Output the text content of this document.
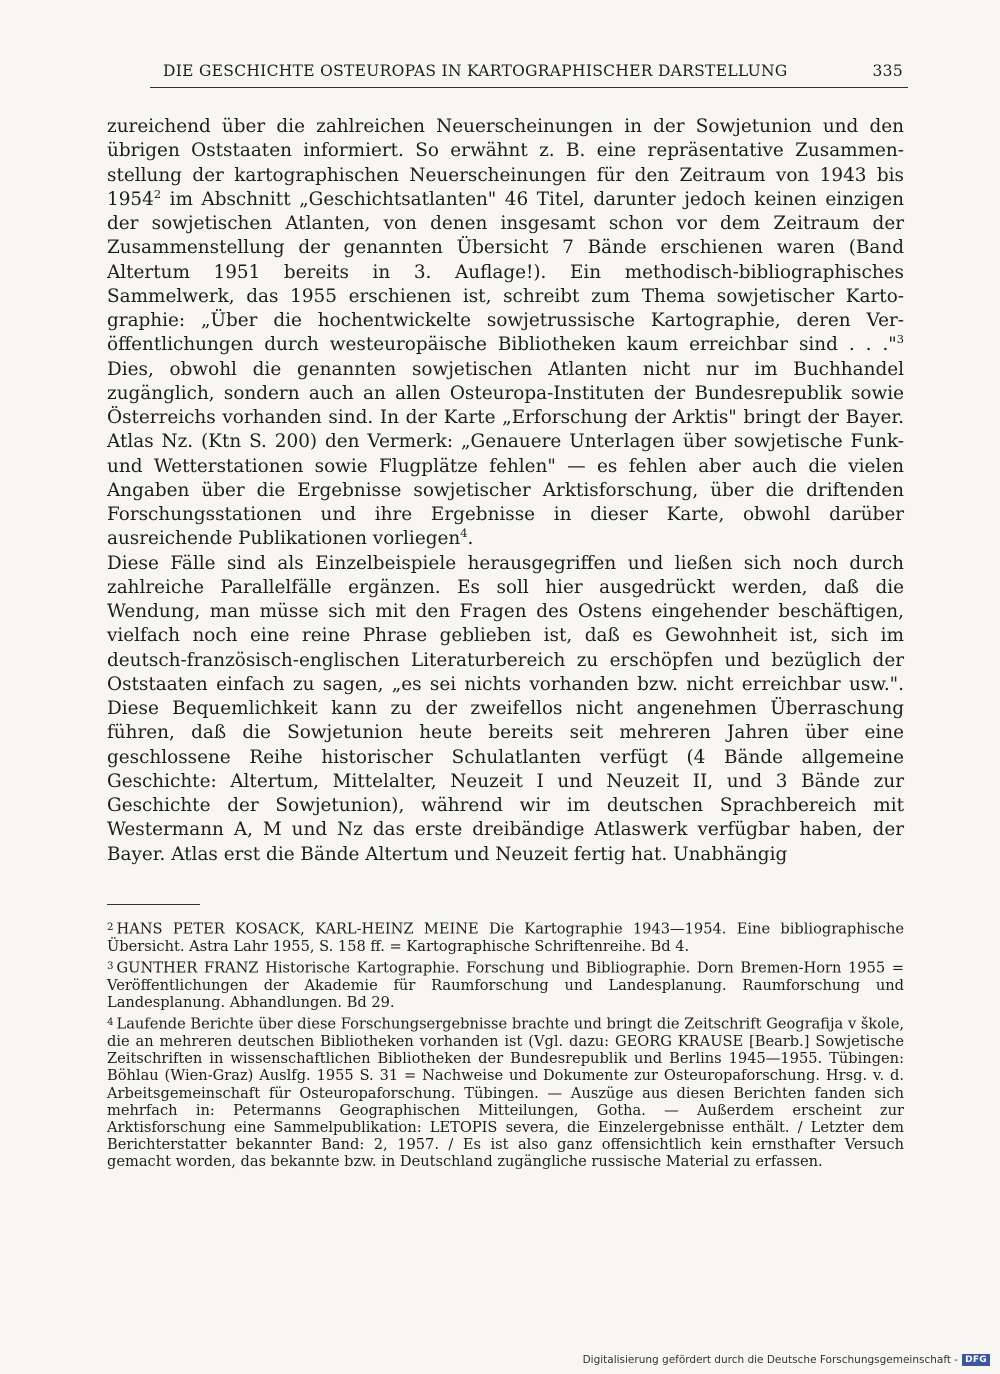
DIE GESCHICHTE OSTEUROPAS IN KARTOGRAPHISCHER DARSTELLUNG	335

zureichend über die zahlreichen Neuerscheinungen in der Sowjetunion und den übrigen Oststaaten informiert. So erwähnt z. B. eine repräsentative Zusammenstellung der kartographischen Neuerscheinungen für den Zeitraum von 1943 bis 1954$^2$ im Abschnitt „Geschichtsatlanten" 46 Titel, darunter jedoch keinen einzigen der sowjetischen Atlanten, von denen insgesamt schon vor dem Zeitraum der Zusammenstellung der genannten Übersicht 7 Bände erschienen waren (Band Altertum 1951 bereits in 3. Auflage!). Ein methodisch-bibliographisches Sammelwerk, das 1955 erschienen ist, schreibt zum Thema sowjetischer Kartographie: „Über die hochentwickelte sowjetrussische Kartographie, deren Veröffentlichungen durch westeuropäische Bibliotheken kaum erreichbar sind . . ."$^3$ Dies, obwohl die genannten sowjetischen Atlanten nicht nur im Buchhandel zugänglich, sondern auch an allen Osteuropa-Instituten der Bundesrepublik sowie Österreichs vorhanden sind. In der Karte „Erforschung der Arktis" bringt der Bayer. Atlas Nz. (Ktn S. 200) den Vermerk: „Genauere Unterlagen über sowjetische Funk- und Wetterstationen sowie Flugplätze fehlen" — es fehlen aber auch die vielen Angaben über die Ergebnisse sowjetischer Arktisforschung, über die driftenden Forschungsstationen und ihre Ergebnisse in dieser Karte, obwohl darüber ausreichende Publikationen vorliegen$^4$.

Diese Fälle sind als Einzelbeispiele herausgegriffen und ließen sich noch durch zahlreiche Parallelfälle ergänzen. Es soll hier ausgedrückt werden, daß die Wendung, man müsse sich mit den Fragen des Ostens eingehender beschäftigen, vielfach noch eine reine Phrase geblieben ist, daß es Gewohnheit ist, sich im deutsch-französisch-englischen Literaturbereich zu erschöpfen und bezüglich der Oststaaten einfach zu sagen, „es sei nichts vorhanden bzw. nicht erreichbar usw.". Diese Bequemlichkeit kann zu der zweifellos nicht angenehmen Überraschung führen, daß die Sowjetunion heute bereits seit mehreren Jahren über eine geschlossene Reihe historischer Schulatlanten verfügt (4 Bände allgemeine Geschichte: Altertum, Mittelalter, Neuzeit I und Neuzeit II, und 3 Bände zur Geschichte der Sowjetunion), während wir im deutschen Sprachbereich mit Westermann A, M und Nz das erste dreibändige Atlaswerk verfügbar haben, der Bayer. Atlas erst die Bände Altertum und Neuzeit fertig hat. Unabhängig

$^2$ HANS PETER KOSACK, KARL-HEINZ MEINE Die Kartographie 1943—1954. Eine bibliographische Übersicht. Astra Lahr 1955, S. 158 ff. = Kartographische Schriftenreihe. Bd 4.

$^3$ GUNTHER FRANZ Historische Kartographie. Forschung und Bibliographie. Dorn Bremen-Horn 1955 = Veröffentlichungen der Akademie für Raumforschung und Landesplanung. Raumforschung und Landesplanung. Abhandlungen. Bd 29.

$^4$ Laufende Berichte über diese Forschungsergebnisse brachte und bringt die Zeitschrift Geografija v škole, die an mehreren deutschen Bibliotheken vorhanden ist (Vgl. dazu: GEORG KRAUSE [Bearb.] Sowjetische Zeitschriften in wissenschaftlichen Bibliotheken der Bundesrepublik und Berlins 1945—1955. Tübingen: Böhlau (Wien-Graz) Auslfg. 1955 S. 31 = Nachweise und Dokumente zur Osteuropaforschung. Hrsg. v. d. Arbeitsgemeinschaft für Osteuropaforschung. Tübingen. — Auszüge aus diesen Berichten fanden sich mehrfach in: Petermanns Geographischen Mitteilungen, Gotha. — Außerdem erscheint zur Arktisforschung eine Sammelpublikation: LETOPIS severa, die Einzelergebnisse enthält. / Letzter dem Berichterstatter bekannter Band: 2, 1957. / Es ist also ganz offensichtlich kein ernsthafter Versuch gemacht worden, das bekannte bzw. in Deutschland zugängliche russische Material zu erfassen.

Digitalisierung gefördert durch die Deutsche Forschungsgemeinschaft - DFG
